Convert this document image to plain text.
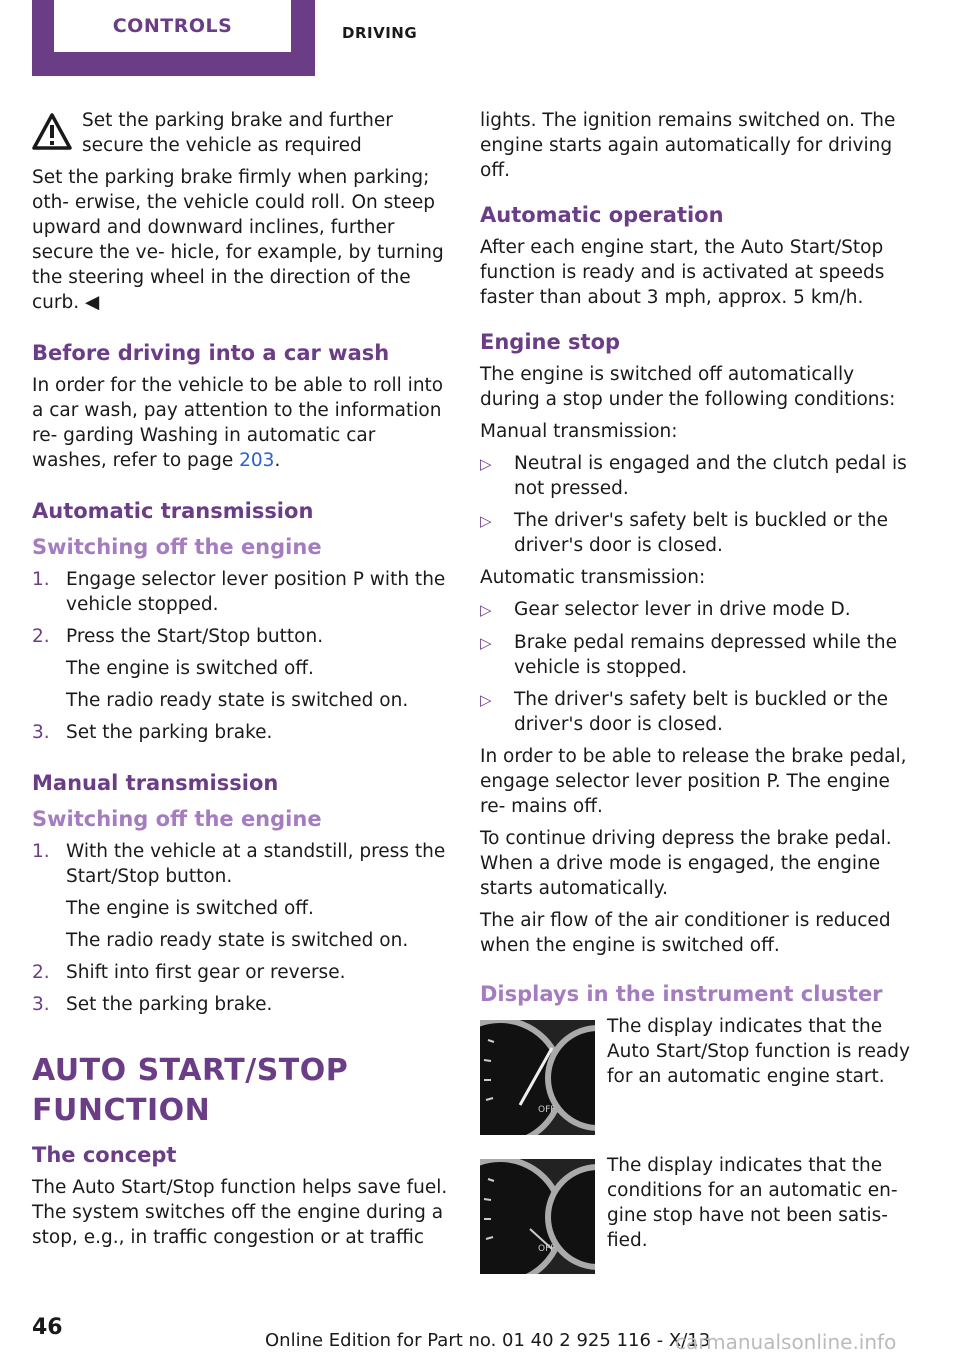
CONTROLS	DRIVING
Set the parking brake and further secure the vehicle as required

Set the parking brake firmly when parking; oth‐ erwise, the vehicle could roll. On steep upward and downward inclines, further secure the ve‐ hicle, for example, by turning the steering wheel in the direction of the curb. ◀

Before driving into a car wash

In order for the vehicle to be able to roll into a car wash, pay attention to the information re‐ garding Washing in automatic car washes, refer to page 203.

Automatic transmission
Switching off the engine
1. Engage selector lever position P with the vehicle stopped.
2. Press the Start/Stop button.

The engine is switched off.

The radio ready state is switched on.

3. Set the parking brake.
Manual transmission
Switching off the engine
1. With the vehicle at a standstill, press the Start/Stop button.

The engine is switched off.

The radio ready state is switched on.

2. Shift into first gear or reverse.
3. Set the parking brake.
AUTO START/STOP FUNCTION
The concept

The Auto Start/Stop function helps save fuel. The system switches off the engine during a stop, e.g., in traffic congestion or at traffic

lights. The ignition remains switched on. The engine starts again automatically for driving off.

Automatic operation

After each engine start, the Auto Start/Stop function is ready and is activated at speeds faster than about 3 mph, approx. 5 km/h.

Engine stop

The engine is switched off automatically during a stop under the following conditions:

Manual transmission:

▷	Neutral is engaged and the clutch pedal is not pressed.
▷	The driver's safety belt is buckled or the driver's door is closed.

Automatic transmission:

▷	Gear selector lever in drive mode D.
▷	Brake pedal remains depressed while the vehicle is stopped.
▷	The driver's safety belt is buckled or the driver's door is closed.

In order to be able to release the brake pedal, engage selector lever position P. The engine re‐ mains off.

To continue driving depress the brake pedal. When a drive mode is engaged, the engine starts automatically.

The air flow of the air conditioner is reduced when the engine is switched off.

Displays in the instrument cluster
OFF
The display indicates that the Auto Start/Stop function is ready for an automatic engine start.
OFF
The display indicates that the conditions for an automatic en‐ gine stop have not been satis‐ fied.
46
Online Edition for Part no. 01 40 2 925 116 - X/13
carmanualsonline.info
